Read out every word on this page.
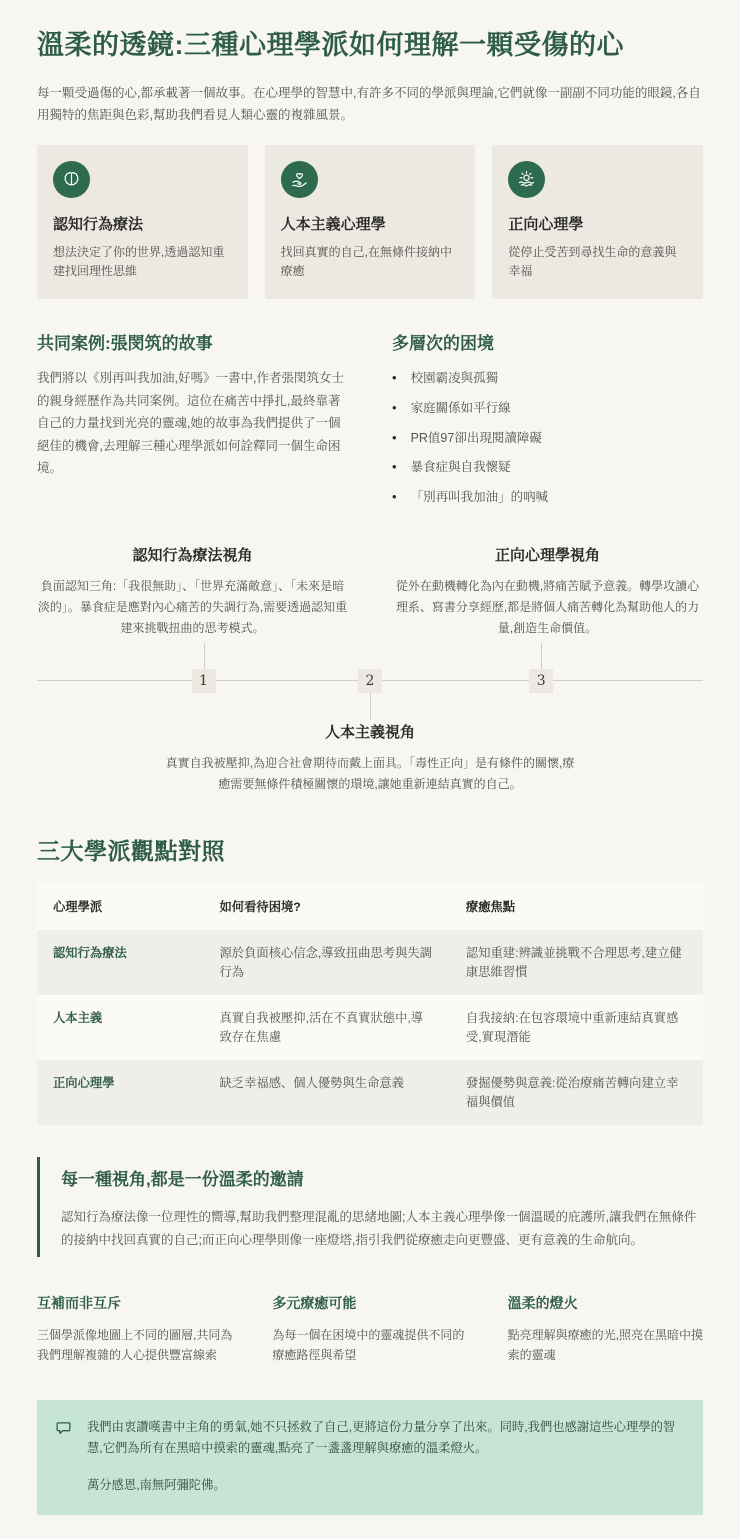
溫柔的透鏡:三種心理學派如何理解一顆受傷的心

每一顆受過傷的心,都承載著一個故事。在心理學的智慧中,有許多不同的學派與理論,它們就像一副副不同功能的眼鏡,各自用獨特的焦距與色彩,幫助我們看見人類心靈的複雜風景。

認知行為療法
想法決定了你的世界,透過認知重建找回理性思維
人本主義心理學
找回真實的自己,在無條件接納中療癒
正向心理學
從停止受苦到尋找生命的意義與幸福
共同案例:張閔筑的故事

我們將以《別再叫我加油,好嗎》一書中,作者張閔筑女士的親身經歷作為共同案例。這位在痛苦中掙扎,最終靠著自己的力量找到光亮的靈魂,她的故事為我們提供了一個絕佳的機會,去理解三種心理學派如何詮釋同一個生命困境。

多層次的困境
• 校園霸凌與孤獨
• 家庭關係如平行線
• PR值97卻出現閱讀障礙
• 暴食症與自我懷疑
• 「別再叫我加油」的吶喊
認知行為療法視角

負面認知三角:「我很無助」、「世界充滿敵意」、「未來是暗淡的」。暴食症是應對內心痛苦的失調行為,需要透過認知重建來挑戰扭曲的思考模式。

正向心理學視角

從外在動機轉化為內在動機,將痛苦賦予意義。轉學攻讀心理系、寫書分享經歷,都是將個人痛苦轉化為幫助他人的力量,創造生命價值。

1	2	3
人本主義視角

真實自我被壓抑,為迎合社會期待而戴上面具。「毒性正向」是有條件的關懷,療癒需要無條件積極關懷的環境,讓她重新連結真實的自己。

三大學派觀點對照
心理學派	如何看待困境?	療癒焦點
認知行為療法	源於負面核心信念,導致扭曲思考與失調行為	認知重建:辨識並挑戰不合理思考,建立健康思維習慣
人本主義	真實自我被壓抑,活在不真實狀態中,導致存在焦慮	自我接納:在包容環境中重新連結真實感受,實現潛能
正向心理學	缺乏幸福感、個人優勢與生命意義	發掘優勢與意義:從治療痛苦轉向建立幸福與價值
每一種視角,都是一份溫柔的邀請

認知行為療法像一位理性的嚮導,幫助我們整理混亂的思緒地圖;人本主義心理學像一個溫暖的庇護所,讓我們在無條件的接納中找回真實的自己;而正向心理學則像一座燈塔,指引我們從療癒走向更豐盛、更有意義的生命航向。

互補而非互斥

三個學派像地圖上不同的圖層,共同為我們理解複雜的人心提供豐富線索

多元療癒可能

為每一個在困境中的靈魂提供不同的療癒路徑與希望

溫柔的燈火

點亮理解與療癒的光,照亮在黑暗中摸索的靈魂

我們由衷讚嘆書中主角的勇氣,她不只拯救了自己,更將這份力量分享了出來。同時,我們也感謝這些心理學的智慧,它們為所有在黑暗中摸索的靈魂,點亮了一盞盞理解與療癒的溫柔燈火。

萬分感恩,南無阿彌陀佛。
